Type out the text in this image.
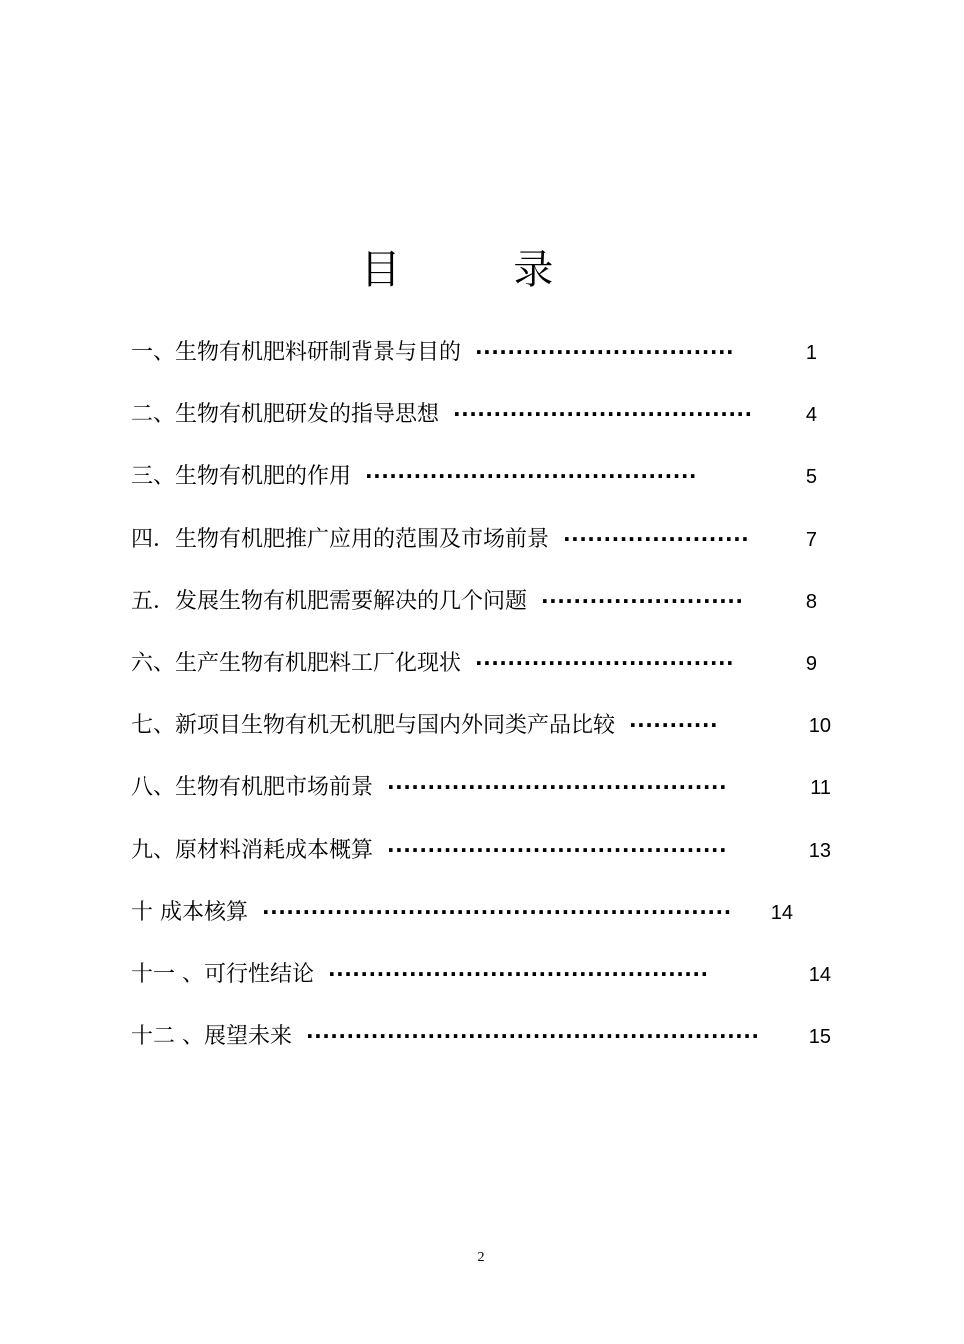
目 录
一、生物有机肥料研制背景与目的 ································	1
二、生物有机肥研发的指导思想 ·····································	4
三、生物有机肥的作用 ·········································	5
四．生物有机肥推广应用的范围及市场前景 ·······················	7
五．发展生物有机肥需要解决的几个问题 ·························	8
六、生产生物有机肥料工厂化现状 ································	9
七、新项目生物有机无机肥与国内外同类产品比较 ···········	10
八、生物有机肥市场前景 ··········································	11
九、原材料消耗成本概算 ··········································	13
十 成本核算 ··························································	14
十一 、可行性结论 ···············································	14
十二 、展望未来 ························································ 15
2
